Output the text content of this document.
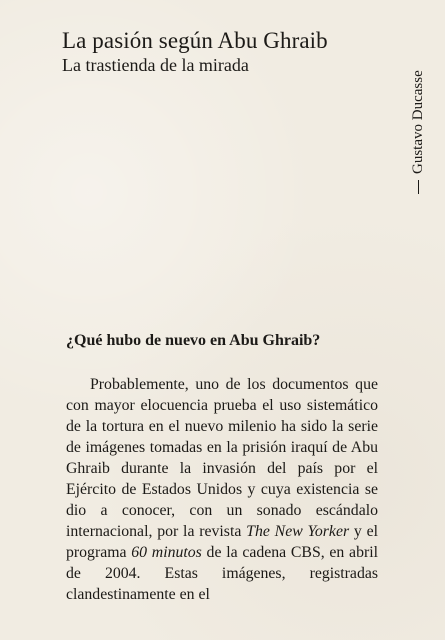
La pasión según Abu Ghraib
La trastienda de la mirada
Gustavo Ducasse
¿Qué hubo de nuevo en Abu Ghraib?

Probablemente, uno de los documentos que con mayor elocuencia prueba el uso sistemático de la tortura en el nuevo milenio ha sido la serie de imágenes tomadas en la prisión iraquí de Abu Ghraib durante la invasión del país por el Ejército de Estados Unidos y cuya existencia se dio a conocer, con un sonado escándalo internacional, por la revista The New Yorker y el programa 60 minutos de la cadena CBS, en abril de 2004. Estas imágenes, registradas clandestinamente en el
